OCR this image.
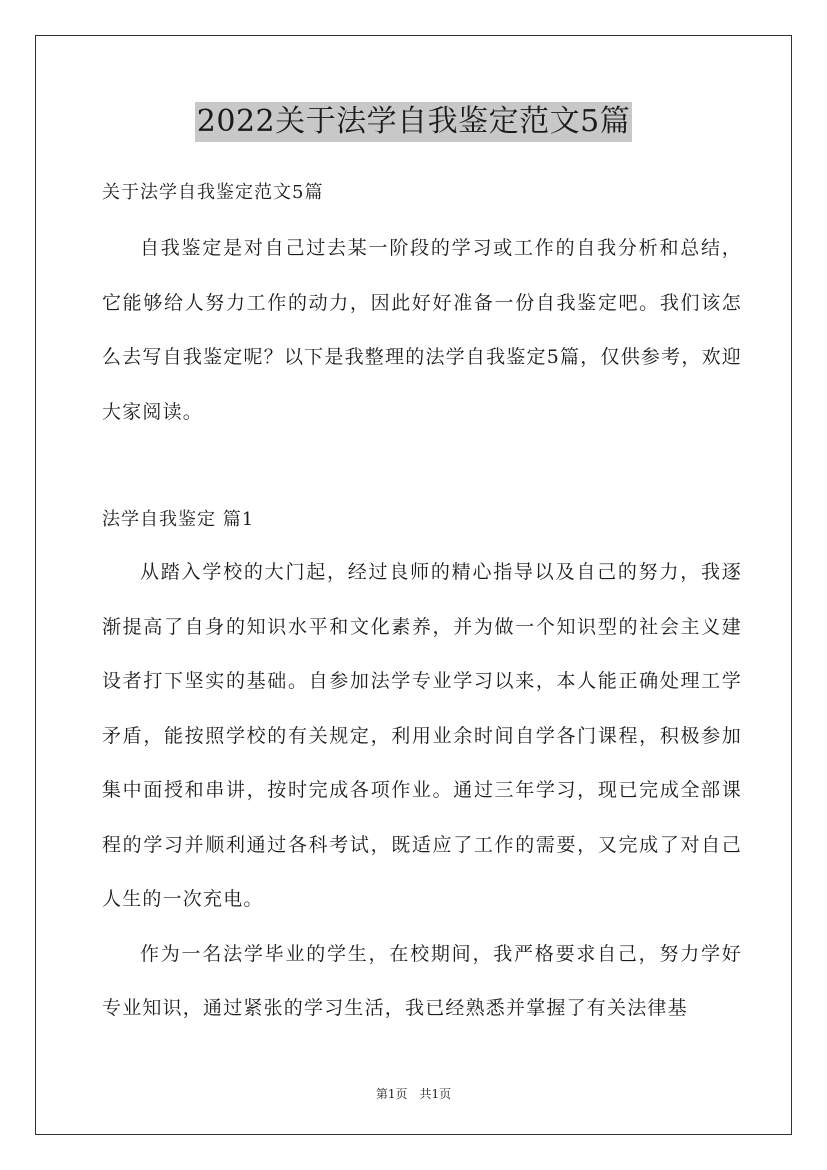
2022关于法学自我鉴定范文5篇
关于法学自我鉴定范文5篇

自我鉴定是对自己过去某一阶段的学习或工作的自我分析和总结，它能够给人努力工作的动力，因此好好准备一份自我鉴定吧。我们该怎么去写自我鉴定呢？以下是我整理的法学自我鉴定5篇，仅供参考，欢迎大家阅读。

法学自我鉴定 篇1

从踏入学校的大门起，经过良师的精心指导以及自己的努力，我逐渐提高了自身的知识水平和文化素养，并为做一个知识型的社会主义建设者打下坚实的基础。自参加法学专业学习以来，本人能正确处理工学矛盾，能按照学校的有关规定，利用业余时间自学各门课程，积极参加集中面授和串讲，按时完成各项作业。通过三年学习，现已完成全部课程的学习并顺利通过各科考试，既适应了工作的需要，又完成了对自己人生的一次充电。

作为一名法学毕业的学生，在校期间，我严格要求自己，努力学好专业知识，通过紧张的学习生活，我已经熟悉并掌握了有关法律基

第1页　共1页
